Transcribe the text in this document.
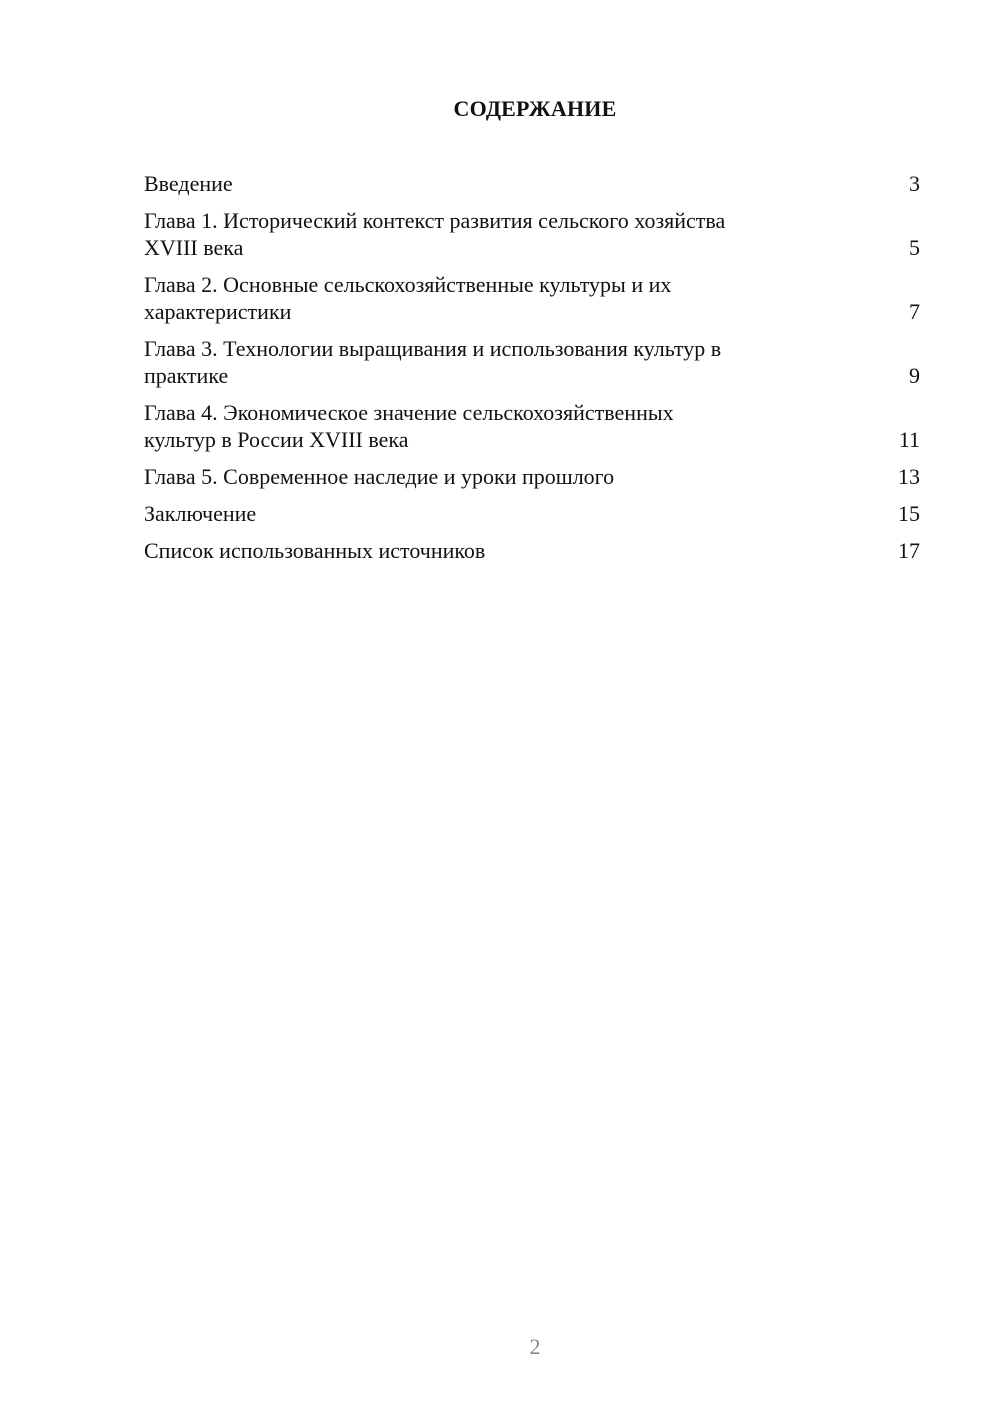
СОДЕРЖАНИЕ
Введение	3
Глава 1. Исторический контекст развития сельского хозяйства
XVIII века	5
Глава 2. Основные сельскохозяйственные культуры и их
характеристики	7
Глава 3. Технологии выращивания и использования культур в
практике	9
Глава 4. Экономическое значение сельскохозяйственных
культур в России XVIII века	11
Глава 5. Современное наследие и уроки прошлого	13
Заключение	15
Список использованных источников	17
2
